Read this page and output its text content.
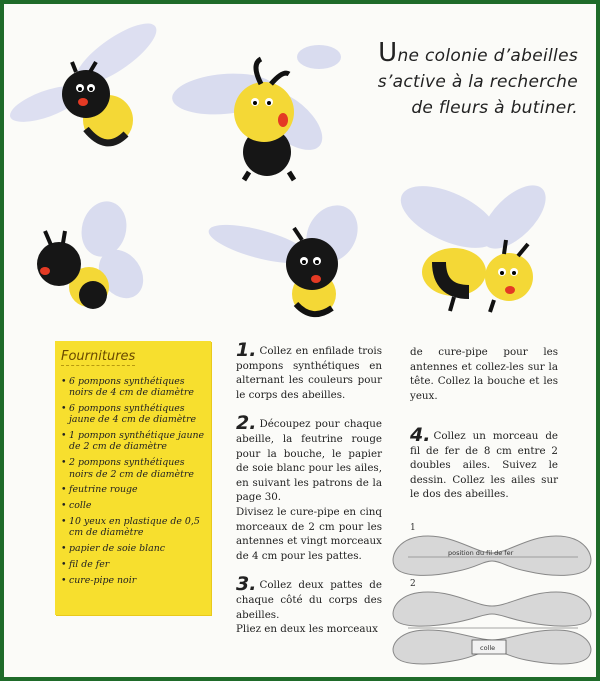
Une colonie d’abeilles
s’active à la recherche
de fleurs à butiner.
Fournitures
• 6 pompons synthétiques noirs de 4 cm de diamètre
• 6 pompons synthétiques jaune de 4 cm de diamètre
• 1 pompon synthétique jaune de 2 cm de diamètre
• 2 pompons synthétiques noirs de 2 cm de diamètre
• feutrine rouge
• colle
• 10 yeux en plastique de 0,5 cm de diamètre
• papier de soie blanc
• fil de fer
• cure-pipe noir

1. Collez en enfilade trois pompons synthétiques en alternant les couleurs pour le corps des abeilles.

2. Découpez pour chaque abeille, la feutrine rouge pour la bouche, le papier de soie blanc pour les ailes, en suivant les patrons de la page 30.

Divisez le cure-pipe en cinq morceaux de 2 cm pour les antennes et vingt morceaux de 4 cm pour les pattes.

3. Collez deux pattes de chaque côté du corps des abeilles.

Pliez en deux les morceaux

de cure-pipe pour les antennes et collez-les sur la tête. Collez la bouche et les yeux.

4. Collez un morceau de fil de fer de 8 cm entre 2 doubles ailes. Suivez le dessin. Collez les ailes sur le dos des abeilles.

1
position du fil de fer
2
colle
